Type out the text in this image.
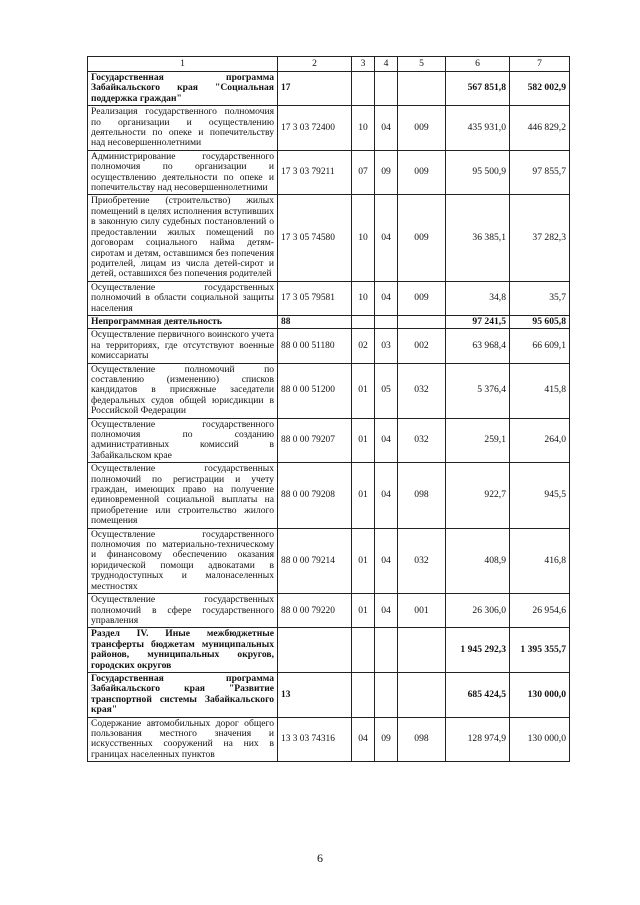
1	2	3	4	5	6	7
Государственная программа Забайкальского края "Социальная поддержка граждан"	17				567 851,8	582 002,9
Реализация государственного полномочия по организации и осуществлению деятельности по опеке и попечительству над несовершеннолетними	17 3 03 72400	10	04	009	435 931,0	446 829,2
Администрирование государственного полномочия по организации и осуществлению деятельности по опеке и попечительству над несовершеннолетними	17 3 03 79211	07	09	009	95 500,9	97 855,7
Приобретение (строительство) жилых помещений в целях исполнения вступивших в законную силу судебных постановлений о предоставлении жилых помещений по договорам социального найма детям-сиротам и детям, оставшимся без попечения родителей, лицам из числа детей-сирот и детей, оставшихся без попечения родителей	17 3 05 74580	10	04	009	36 385,1	37 282,3
Осуществление государственных полномочий в области социальной защиты населения	17 3 05 79581	10	04	009	34,8	35,7
Непрограммная деятельность	88				97 241,5	95 605,8
Осуществление первичного воинского учета на территориях, где отсутствуют военные комиссариаты	88 0 00 51180	02	03	002	63 968,4	66 609,1
Осуществление полномочий по составлению (изменению) списков кандидатов в присяжные заседатели федеральных судов общей юрисдикции в Российской Федерации	88 0 00 51200	01	05	032	5 376,4	415,8
Осуществление государственного полномочия по созданию административных комиссий в Забайкальском крае	88 0 00 79207	01	04	032	259,1	264,0
Осуществление государственных полномочий по регистрации и учету граждан, имеющих право на получение единовременной социальной выплаты на приобретение или строительство жилого помещения	88 0 00 79208	01	04	098	922,7	945,5
Осуществление государственного полномочия по материально-техническому и финансовому обеспечению оказания юридической помощи адвокатами в труднодоступных и малонаселенных местностях	88 0 00 79214	01	04	032	408,9	416,8
Осуществление государственных полномочий в сфере государственного управления	88 0 00 79220	01	04	001	26 306,0	26 954,6
Раздел IV. Иные межбюджетные трансферты бюджетам муниципальных районов, муниципальных округов, городских округов					1 945 292,3	1 395 355,7
Государственная программа Забайкальского края "Развитие транспортной системы Забайкальского края"	13				685 424,5	130 000,0
Содержание автомобильных дорог общего пользования местного значения и искусственных сооружений на них в границах населенных пунктов	13 3 03 74316	04	09	098	128 974,9	130 000,0
6
